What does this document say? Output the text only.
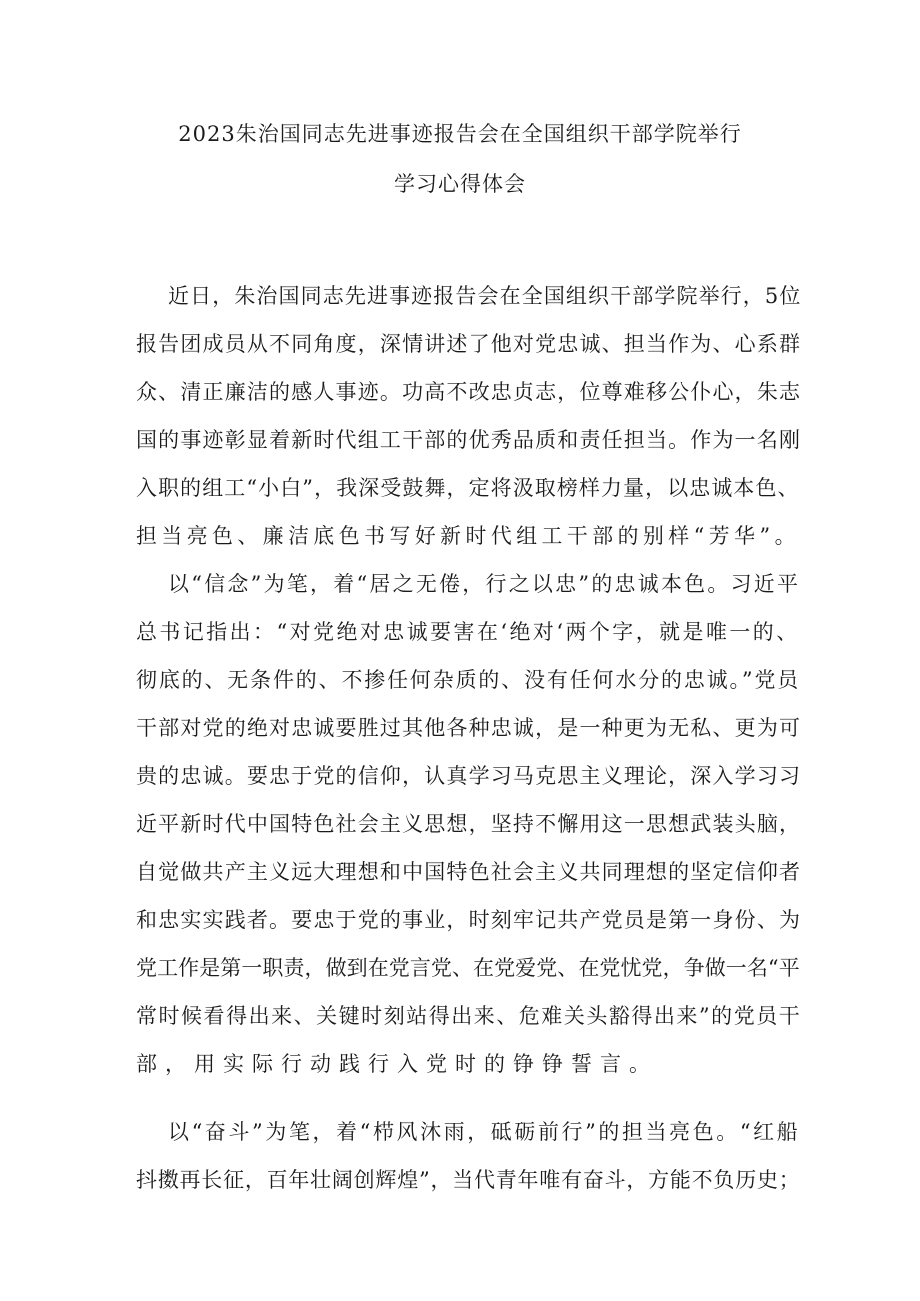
2023朱治国同志先进事迹报告会在全国组织干部学院举行
学习心得体会
近日，朱治国同志先进事迹报告会在全国组织干部学院举行，5位
报告团成员从不同角度，深情讲述了他对党忠诚、担当作为、心系群
众、清正廉洁的感人事迹。功高不改忠贞志，位尊难移公仆心，朱志
国的事迹彰显着新时代组工干部的优秀品质和责任担当。作为一名刚
入职的组工“小白”，我深受鼓舞，定将汲取榜样力量，以忠诚本色、
担当亮色、廉洁底色书写好新时代组工干部的别样“芳华”。
以“信念”为笔，着“居之无倦，行之以忠”的忠诚本色。习近平
总书记指出：“对党绝对忠诚要害在‘绝对‘两个字，就是唯一的、
彻底的、无条件的、不掺任何杂质的、没有任何水分的忠诚。”党员
干部对党的绝对忠诚要胜过其他各种忠诚，是一种更为无私、更为可
贵的忠诚。要忠于党的信仰，认真学习马克思主义理论，深入学习习
近平新时代中国特色社会主义思想，坚持不懈用这一思想武装头脑，
自觉做共产主义远大理想和中国特色社会主义共同理想的坚定信仰者
和忠实实践者。要忠于党的事业，时刻牢记共产党员是第一身份、为
党工作是第一职责，做到在党言党、在党爱党、在党忧党，争做一名“平
常时候看得出来、关键时刻站得出来、危难关头豁得出来”的党员干
部，用实际行动践行入党时的铮铮誓言。
以“奋斗”为笔，着“栉风沐雨，砥砺前行”的担当亮色。“红船
抖擞再长征，百年壮阔创辉煌”，当代青年唯有奋斗，方能不负历史；
